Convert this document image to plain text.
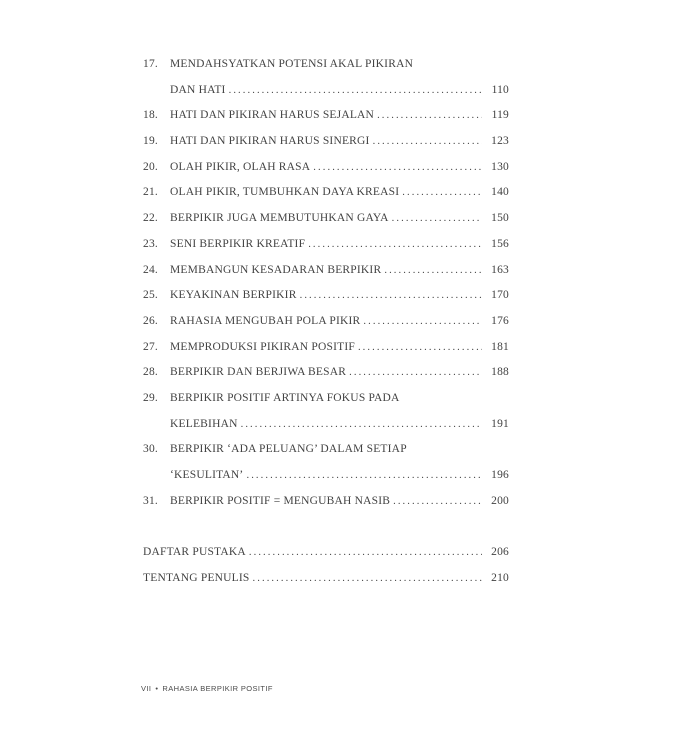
17.	MENDAHSYATKAN POTENSI AKAL PIKIRAN
DAN HATI .....	110
18.	HATI DAN PIKIRAN HARUS SEJALAN .....	119
19.	HATI DAN PIKIRAN HARUS SINERGI .....	123
20.	OLAH PIKIR, OLAH RASA .....	130
21.	OLAH PIKIR, TUMBUHKAN DAYA KREASI .....	140
22.	BERPIKIR JUGA MEMBUTUHKAN GAYA .....	150
23.	SENI BERPIKIR KREATIF .....	156
24.	MEMBANGUN KESADARAN BERPIKIR .....	163
25.	KEYAKINAN BERPIKIR .....	170
26.	RAHASIA MENGUBAH POLA PIKIR .....	176
27.	MEMPRODUKSI PIKIRAN POSITIF .....	181
28.	BERPIKIR DAN BERJIWA BESAR .....	188
29.	BERPIKIR POSITIF ARTINYA FOKUS PADA
KELEBIHAN .....	191
30.	BERPIKIR ‘ADA PELUANG’ DALAM SETIAP
‘KESULITAN’ .....	196
31.	BERPIKIR POSITIF = MENGUBAH NASIB .....	200
DAFTAR PUSTAKA .....	206
TENTANG PENULIS .....	210
VII • RAHASIA BERPIKIR POSITIF
